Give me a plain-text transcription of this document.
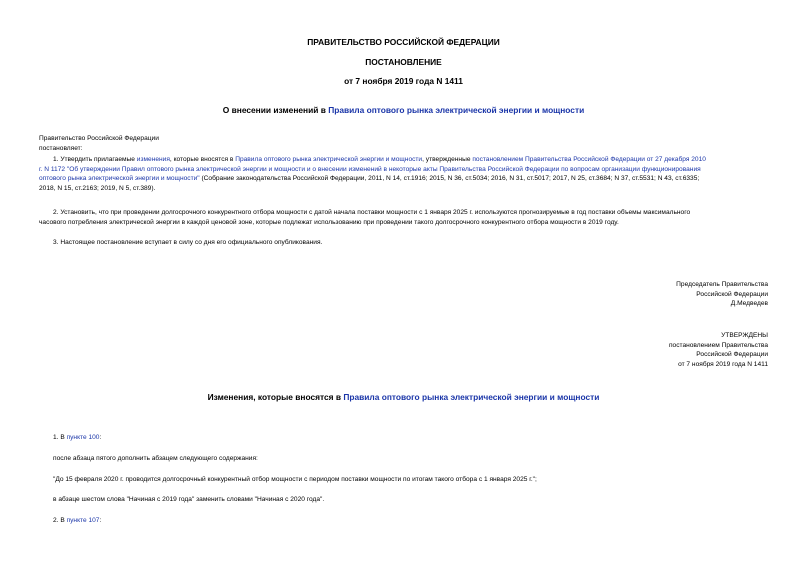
ПРАВИТЕЛЬСТВО РОССИЙСКОЙ ФЕДЕРАЦИИ
ПОСТАНОВЛЕНИЕ
от 7 ноября 2019 года N 1411
О внесении изменений в Правила оптового рынка электрической энергии и мощности
Правительство Российской Федерации
постановляет:
1. Утвердить прилагаемые изменения, которые вносятся в Правила оптового рынка электрической энергии и мощности, утвержденные постановлением Правительства Российской Федерации от 27 декабря 2010
г. N 1172 "Об утверждении Правил оптового рынка электрической энергии и мощности и о внесении изменений в некоторые акты Правительства Российской Федерации по вопросам организации функционирования
оптового рынка электрической энергии и мощности" (Собрание законодательства Российской Федерации, 2011, N 14, ст.1916; 2015, N 36, ст.5034; 2016, N 31, ст.5017; 2017, N 25, ст.3684; N 37, ст.5531; N 43, ст.6335;
2018, N 15, ст.2163; 2019, N 5, ст.389).
2. Установить, что при проведении долгосрочного конкурентного отбора мощности с датой начала поставки мощности с 1 января 2025 г. используются прогнозируемые в год поставки объемы максимального
часового потребления электрической энергии в каждой ценовой зоне, которые подлежат использованию при проведении такого долгосрочного конкурентного отбора мощности в 2019 году.
3. Настоящее постановление вступает в силу со дня его официального опубликования.
Председатель Правительства
Российской Федерации
Д.Медведев
УТВЕРЖДЕНЫ
постановлением Правительства
Российской Федерации
от 7 ноября 2019 года N 1411
Изменения, которые вносятся в Правила оптового рынка электрической энергии и мощности
1. В пункте 100:
после абзаца пятого дополнить абзацем следующего содержания:
"До 15 февраля 2020 г. проводится долгосрочный конкурентный отбор мощности с периодом поставки мощности по итогам такого отбора с 1 января 2025 г.";
в абзаце шестом слова "Начиная с 2019 года" заменить словами "Начиная с 2020 года".
2. В пункте 107:
